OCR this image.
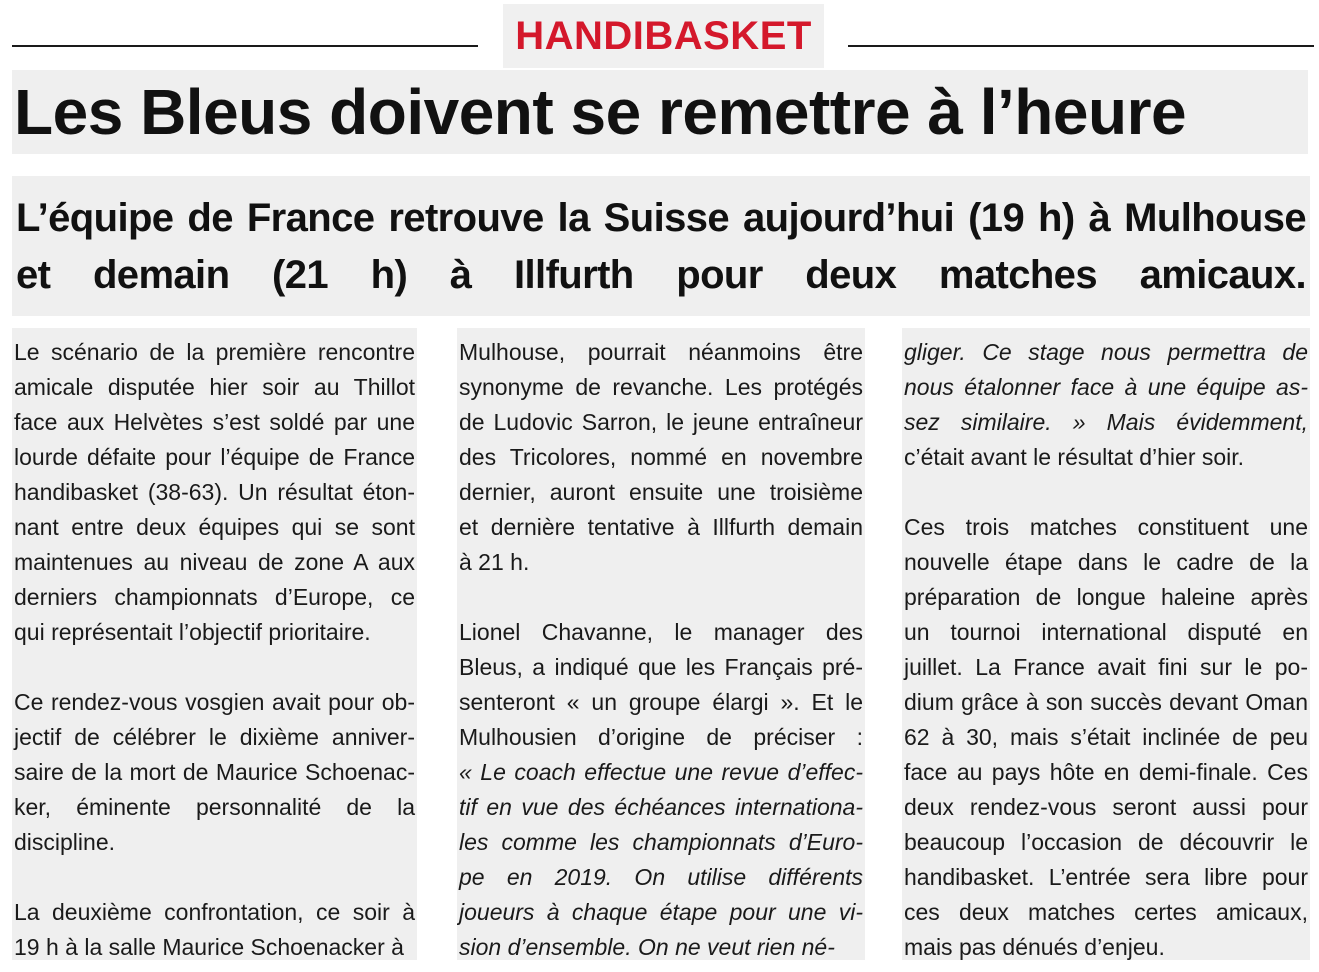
HANDIBASKET
Les Bleus doivent se remettre à l’heure

L’équipe de France retrouve la Suisse aujourd’hui (19 h) à Mulhouse et demain (21 h) à Illfurth pour deux matches amicaux.

Le scénario de la première rencontre
amicale disputée hier soir au Thillot
face aux Helvètes s’est soldé par une
lourde défaite pour l’équipe de France
handibasket (38-63). Un résultat éton-
nant entre deux équipes qui se sont
maintenues au niveau de zone A aux
derniers championnats d’Europe, ce
qui représentait l’objectif prioritaire.
Ce rendez-vous vosgien avait pour ob-
jectif de célébrer le dixième anniver-
saire de la mort de Maurice Schoenac-
ker, éminente personnalité de la
discipline.
La deuxième confrontation, ce soir à
19 h à la salle Maurice Schoenacker à

Mulhouse, pourrait néanmoins être
synonyme de revanche. Les protégés
de Ludovic Sarron, le jeune entraîneur
des Tricolores, nommé en novembre
dernier, auront ensuite une troisième
et dernière tentative à Illfurth demain
à 21 h.
Lionel Chavanne, le manager des
Bleus, a indiqué que les Français pré-
senteront « un groupe élargi ». Et le
Mulhousien d’origine de préciser :
« Le coach effectue une revue d’effec-
tif en vue des échéances internationa-
les comme les championnats d’Euro-
pe en 2019. On utilise différents
joueurs à chaque étape pour une vi-
sion d’ensemble. On ne veut rien né-

gliger. Ce stage nous permettra de
nous étalonner face à une équipe as-
sez similaire. » Mais évidemment,
c’était avant le résultat d’hier soir.
Ces trois matches constituent une
nouvelle étape dans le cadre de la
préparation de longue haleine après
un tournoi international disputé en
juillet. La France avait fini sur le po-
dium grâce à son succès devant Oman
62 à 30, mais s’était inclinée de peu
face au pays hôte en demi-finale. Ces
deux rendez-vous seront aussi pour
beaucoup l’occasion de découvrir le
handibasket. L’entrée sera libre pour
ces deux matches certes amicaux,
mais pas dénués d’enjeu.
